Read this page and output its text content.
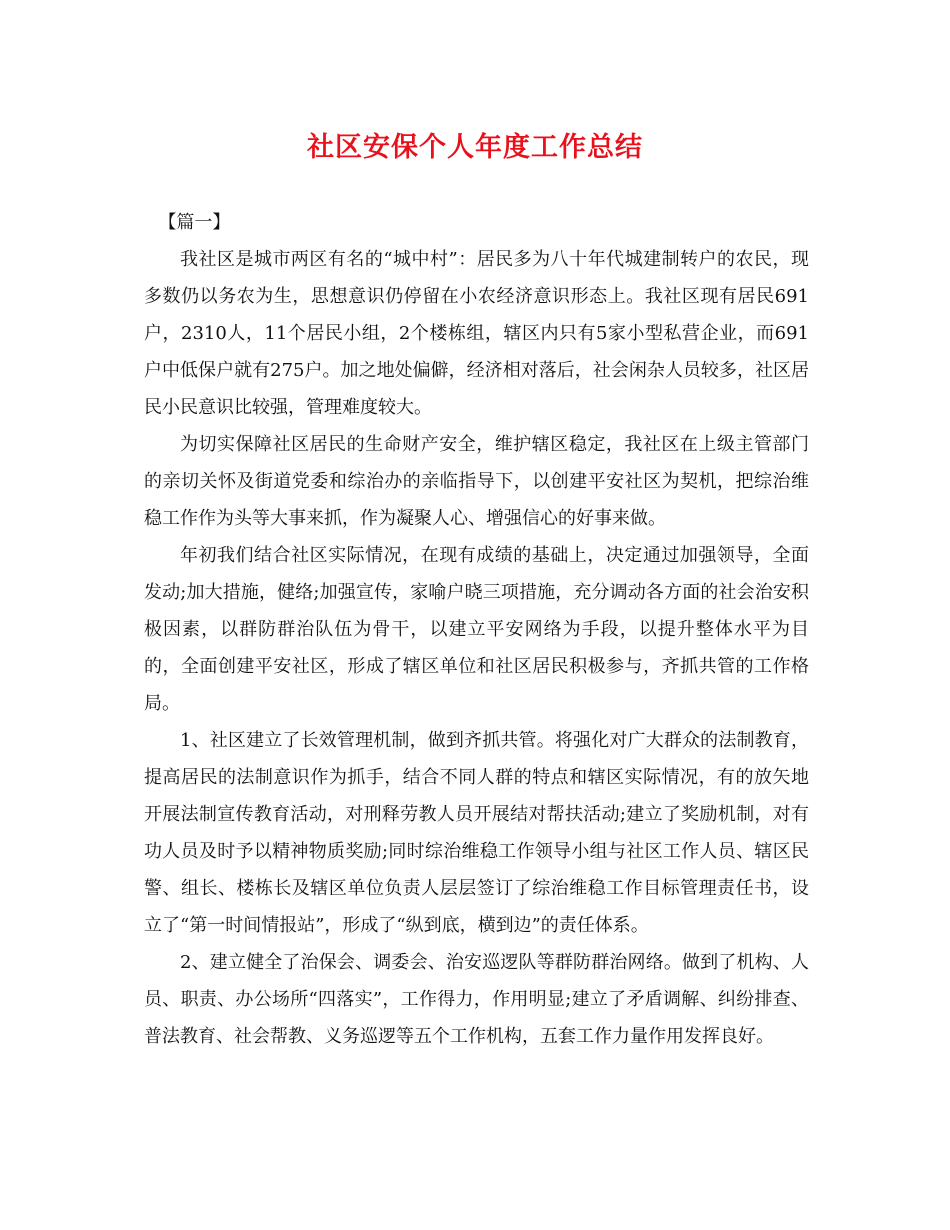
社区安保个人年度工作总结

【篇一】

我社区是城市两区有名的“城中村”：居民多为八十年代城建制转户的农民，现多数仍以务农为生，思想意识仍停留在小农经济意识形态上。我社区现有居民691户，2310人，11个居民小组，2个楼栋组，辖区内只有5家小型私营企业，而691户中低保户就有275户。加之地处偏僻，经济相对落后，社会闲杂人员较多，社区居民小民意识比较强，管理难度较大。

为切实保障社区居民的生命财产安全，维护辖区稳定，我社区在上级主管部门的亲切关怀及街道党委和综治办的亲临指导下，以创建平安社区为契机，把综治维稳工作作为头等大事来抓，作为凝聚人心、增强信心的好事来做。

年初我们结合社区实际情况，在现有成绩的基础上，决定通过加强领导，全面发动;加大措施，健络;加强宣传，家喻户晓三项措施，充分调动各方面的社会治安积极因素，以群防群治队伍为骨干，以建立平安网络为手段，以提升整体水平为目的，全面创建平安社区，形成了辖区单位和社区居民积极参与，齐抓共管的工作格局。

1、社区建立了长效管理机制，做到齐抓共管。将强化对广大群众的法制教育，提高居民的法制意识作为抓手，结合不同人群的特点和辖区实际情况，有的放矢地开展法制宣传教育活动，对刑释劳教人员开展结对帮扶活动;建立了奖励机制，对有功人员及时予以精神物质奖励;同时综治维稳工作领导小组与社区工作人员、辖区民警、组长、楼栋长及辖区单位负责人层层签订了综治维稳工作目标管理责任书，设立了“第一时间情报站”，形成了“纵到底，横到边”的责任体系。

2、建立健全了治保会、调委会、治安巡逻队等群防群治网络。做到了机构、人员、职责、办公场所“四落实”，工作得力，作用明显;建立了矛盾调解、纠纷排查、普法教育、社会帮教、义务巡逻等五个工作机构，五套工作力量作用发挥良好。
